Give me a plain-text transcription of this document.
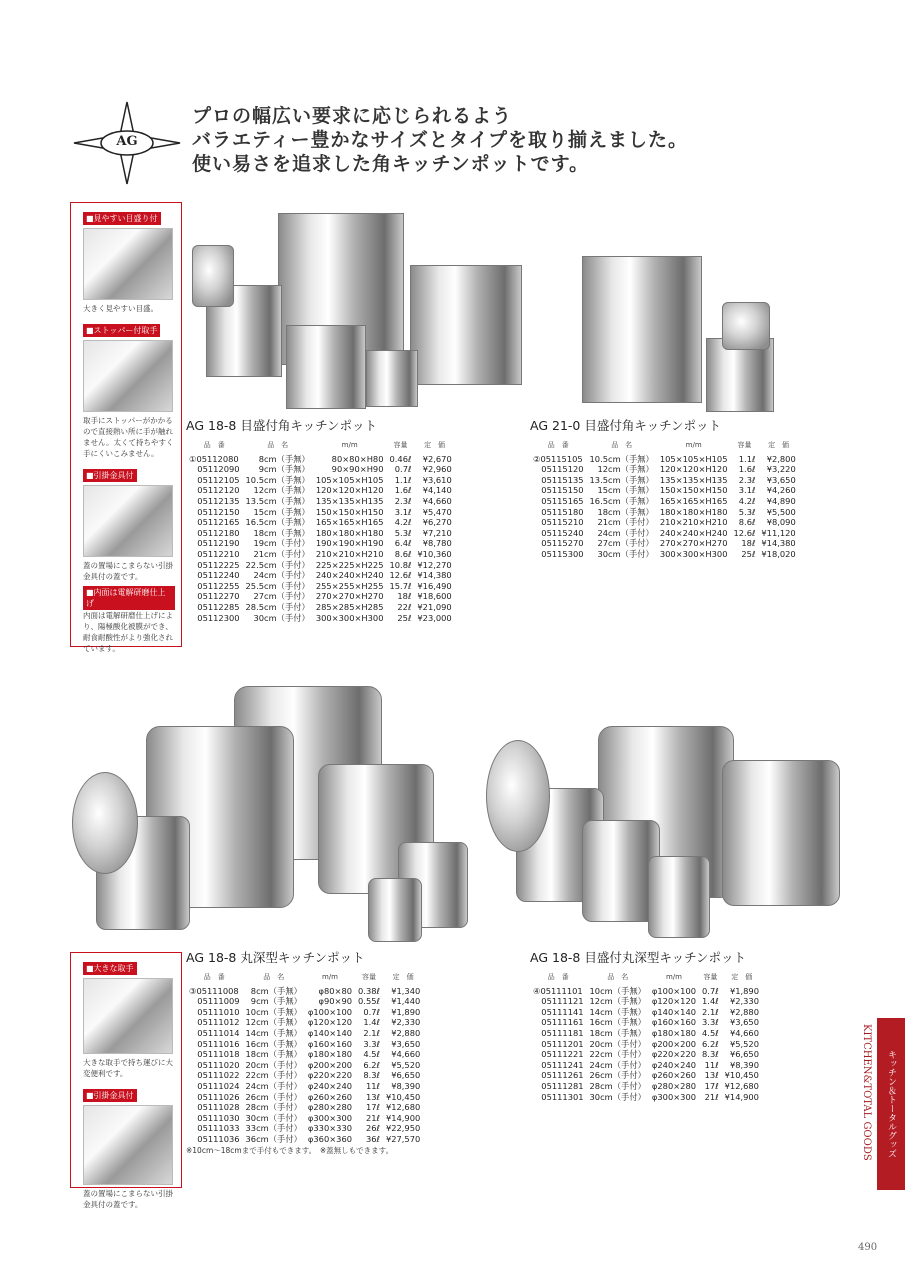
AG
プロの幅広い要求に応じられるよう
バラエティー豊かなサイズとタイプを取り揃えました。
使い易さを追求した角キッチンポットです。
■見やすい目盛り付
大きく見やすい目盛。
■ストッパー付取手
取手にストッパーがかかるので直接熱い所に手が触れません。太くて持ちやすく手にくいこみません。
■引掛金具付
蓋の置場にこまらない引掛金具付の蓋です。
■内面は電解研磨仕上げ
内面は電解研磨仕上げにより、陽極酸化被膜ができ、耐食耐酸性がより強化されています。
■大きな取手
大きな取手で持ち運びに大変便利です。
■引掛金具付
蓋の置場にこまらない引掛金具付の蓋です。
AG 18-8 目盛付角キッチンポット
品　番	品　名	m/m	容量	定　価
①05112080	8cm（手無）	80×80×H80	0.46ℓ	¥2,670
　05112090	9cm（手無）	90×90×H90	0.7ℓ	¥2,960
　05112105	10.5cm（手無）	105×105×H105	1.1ℓ	¥3,610
　05112120	12cm（手無）	120×120×H120	1.6ℓ	¥4,140
　05112135	13.5cm（手無）	135×135×H135	2.3ℓ	¥4,660
　05112150	15cm（手無）	150×150×H150	3.1ℓ	¥5,470
　05112165	16.5cm（手無）	165×165×H165	4.2ℓ	¥6,270
　05112180	18cm（手無）	180×180×H180	5.3ℓ	¥7,210
　05112190	19cm（手付）	190×190×H190	6.4ℓ	¥8,780
　05112210	21cm（手付）	210×210×H210	8.6ℓ	¥10,360
　05112225	22.5cm（手付）	225×225×H225	10.8ℓ	¥12,270
　05112240	24cm（手付）	240×240×H240	12.6ℓ	¥14,380
　05112255	25.5cm（手付）	255×255×H255	15.7ℓ	¥16,490
　05112270	27cm（手付）	270×270×H270	18ℓ	¥18,600
　05112285	28.5cm（手付）	285×285×H285	22ℓ	¥21,090
　05112300	30cm（手付）	300×300×H300	25ℓ	¥23,000
AG 21-0 目盛付角キッチンポット
品　番	品　名	m/m	容量	定　価
②05115105	10.5cm（手無）	105×105×H105	1.1ℓ	¥2,800
　05115120	12cm（手無）	120×120×H120	1.6ℓ	¥3,220
　05115135	13.5cm（手無）	135×135×H135	2.3ℓ	¥3,650
　05115150	15cm（手無）	150×150×H150	3.1ℓ	¥4,260
　05115165	16.5cm（手無）	165×165×H165	4.2ℓ	¥4,890
　05115180	18cm（手無）	180×180×H180	5.3ℓ	¥5,500
　05115210	21cm（手付）	210×210×H210	8.6ℓ	¥8,090
　05115240	24cm（手付）	240×240×H240	12.6ℓ	¥11,120
　05115270	27cm（手付）	270×270×H270	18ℓ	¥14,380
　05115300	30cm（手付）	300×300×H300	25ℓ	¥18,020
AG 18-8 丸深型キッチンポット
品　番	品　名	m/m	容量	定　価
③05111008	8cm（手無）	φ80×80	0.38ℓ	¥1,340
　05111009	9cm（手無）	φ90×90	0.55ℓ	¥1,440
　05111010	10cm（手無）	φ100×100	0.7ℓ	¥1,890
　05111012	12cm（手無）	φ120×120	1.4ℓ	¥2,330
　05111014	14cm（手無）	φ140×140	2.1ℓ	¥2,880
　05111016	16cm（手無）	φ160×160	3.3ℓ	¥3,650
　05111018	18cm（手無）	φ180×180	4.5ℓ	¥4,660
　05111020	20cm（手付）	φ200×200	6.2ℓ	¥5,520
　05111022	22cm（手付）	φ220×220	8.3ℓ	¥6,650
　05111024	24cm（手付）	φ240×240	11ℓ	¥8,390
　05111026	26cm（手付）	φ260×260	13ℓ	¥10,450
　05111028	28cm（手付）	φ280×280	17ℓ	¥12,680
　05111030	30cm（手付）	φ300×300	21ℓ	¥14,900
　05111033	33cm（手付）	φ330×330	26ℓ	¥22,950
　05111036	36cm（手付）	φ360×360	36ℓ	¥27,570
※10cm～18cmまで手付もできます。　※蓋無しもできます。
AG 18-8 目盛付丸深型キッチンポット
品　番	品　名	m/m	容量	定　価
④05111101	10cm（手無）	φ100×100	0.7ℓ	¥1,890
　05111121	12cm（手無）	φ120×120	1.4ℓ	¥2,330
　05111141	14cm（手無）	φ140×140	2.1ℓ	¥2,880
　05111161	16cm（手無）	φ160×160	3.3ℓ	¥3,650
　05111181	18cm（手無）	φ180×180	4.5ℓ	¥4,660
　05111201	20cm（手付）	φ200×200	6.2ℓ	¥5,520
　05111221	22cm（手付）	φ220×220	8.3ℓ	¥6,650
　05111241	24cm（手付）	φ240×240	11ℓ	¥8,390
　05111261	26cm（手付）	φ260×260	13ℓ	¥10,450
　05111281	28cm（手付）	φ280×280	17ℓ	¥12,680
　05111301	30cm（手付）	φ300×300	21ℓ	¥14,900	キッチン＆トータルグッズ
KITCHEN&TOTAL GOODS
490
